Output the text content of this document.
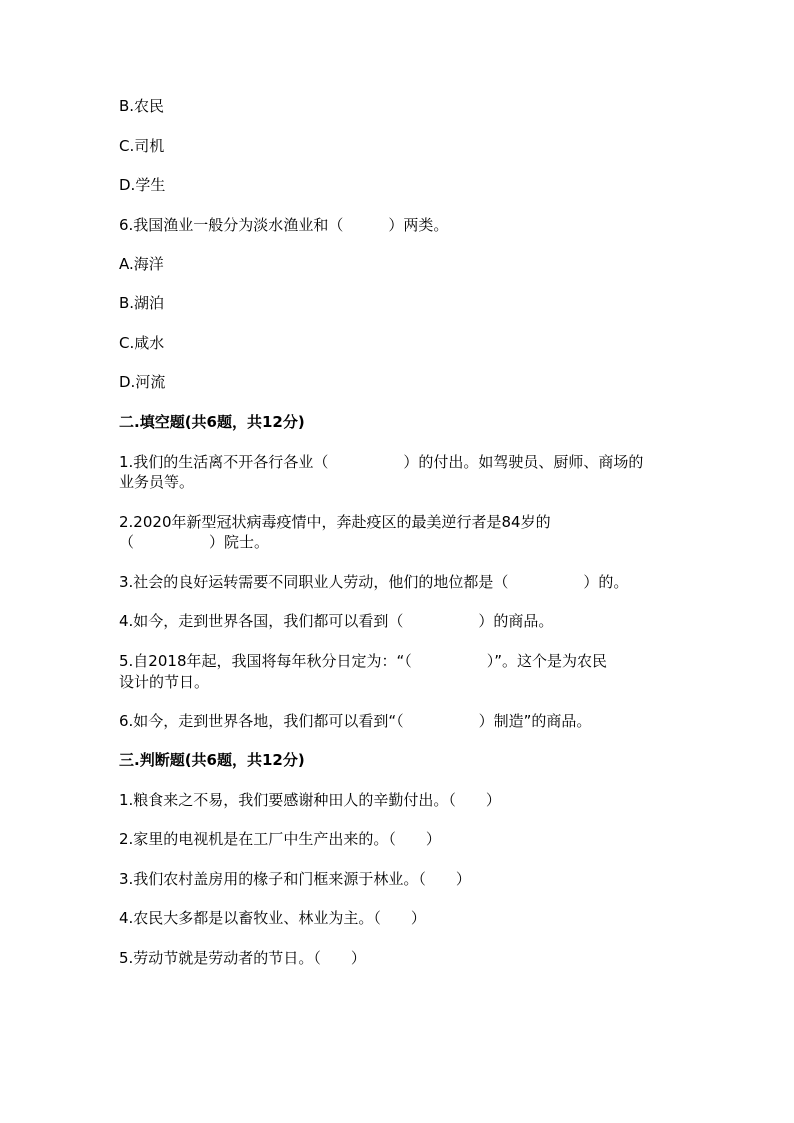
B.农民
C.司机
D.学生
6.我国渔业一般分为淡水渔业和（　　　）两类。
A.海洋
B.湖泊
C.咸水
D.河流
二.填空题(共6题，共12分)
1.我们的生活离不开各行各业（　　　　　）的付出。如驾驶员、厨师、商场的
业务员等。
2.2020年新型冠状病毒疫情中，奔赴疫区的最美逆行者是84岁的
（　　　　　）院士。
3.社会的良好运转需要不同职业人劳动，他们的地位都是（　　　　　）的。
4.如今，走到世界各国，我们都可以看到（　　　　　）的商品。
5.自2018年起，我国将每年秋分日定为：“（　　　　　）”。这个是为农民
设计的节日。
6.如今，走到世界各地，我们都可以看到“（　　　　　）制造”的商品。
三.判断题(共6题，共12分)
1.粮食来之不易，我们要感谢种田人的辛勤付出。（　　）
2.家里的电视机是在工厂中生产出来的。（　　）
3.我们农村盖房用的椽子和门框来源于林业。（　　）
4.农民大多都是以畜牧业、林业为主。（　　）
5.劳动节就是劳动者的节日。（　　）
